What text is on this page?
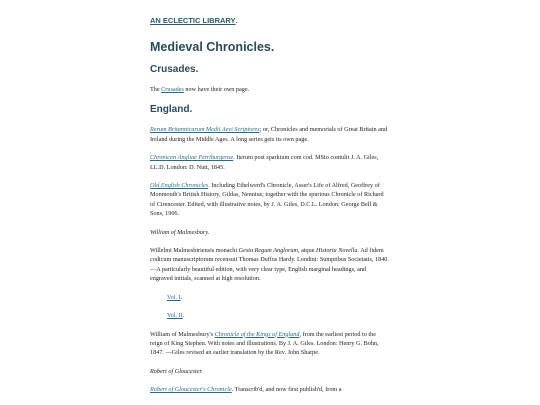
AN ECLECTIC LIBRARY.
Medieval Chronicles.
Crusades.

The Crusades now have their own page.

England.

Rerum Britannicarum Medii Aevi Scriptores; or, Chronicles and memorials of Great Britain and Ireland during the Middle Ages. A long series gets its own page.

Chronicon Angliae Petriburgense. Iterum post sparkium com cod. MSto contulit J. A. Giles, LL.D. London: D. Nutt, 1845.

Old English Chronicles. Including Ethelwerd's Chronicle, Asser's Life of Alfred, Geoffrey of Monmouth's British History, Gildas, Nennius; together with the spurious Chronicle of Richard of Cirencester. Edited, with illustrative notes, by J. A. Giles, D.C.L. London: George Bell & Sons, 1906.

William of Malmesbury.

Willelmi Malmesbiriensis monachi Gesta Regum Anglorum, atque Historia Novella. Ad fidem codicum manuscriptorum recensuit Thomas Duffus Hardy. Londini: Sumptibus Societatis, 1840. —A particularly beautiful edition, with very clear type, English marginal headings, and engraved initials, scanned at high resolution.

Vol. I.

Vol. II.

William of Malmesbury's Chronicle of the Kings of England, from the earliest period to the reign of King Stephen. With notes and illustrations. By J. A. Giles. London: Henry G. Bohn, 1847. —Giles revised an earlier translation by the Rev. John Sharpe.

Robert of Gloucester.

Robert of Gloucester's Chronicle. Transcrib'd, and now first publish'd, from a
